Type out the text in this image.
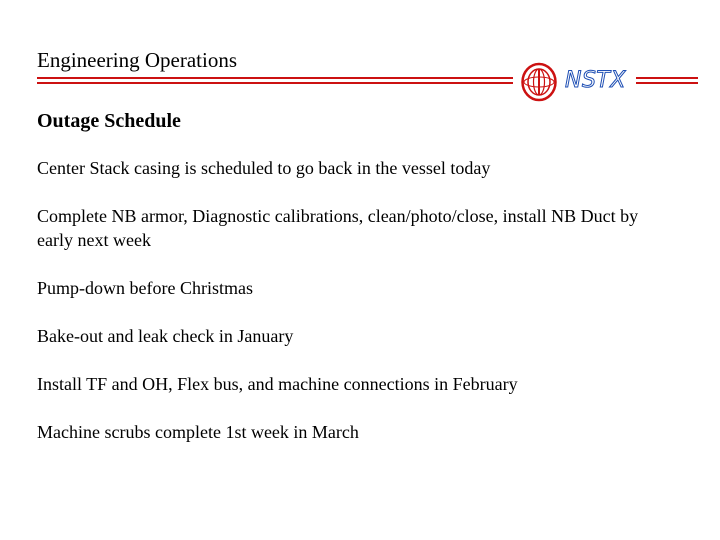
Engineering Operations
NSTX
Outage Schedule
Center Stack casing is scheduled to go back in the vessel today
Complete NB armor, Diagnostic calibrations, clean/photo/close, install NB Duct by early next week
Pump-down before Christmas
Bake-out and leak check in January
Install TF and OH, Flex bus, and machine connections in February
Machine scrubs complete 1st week in March
